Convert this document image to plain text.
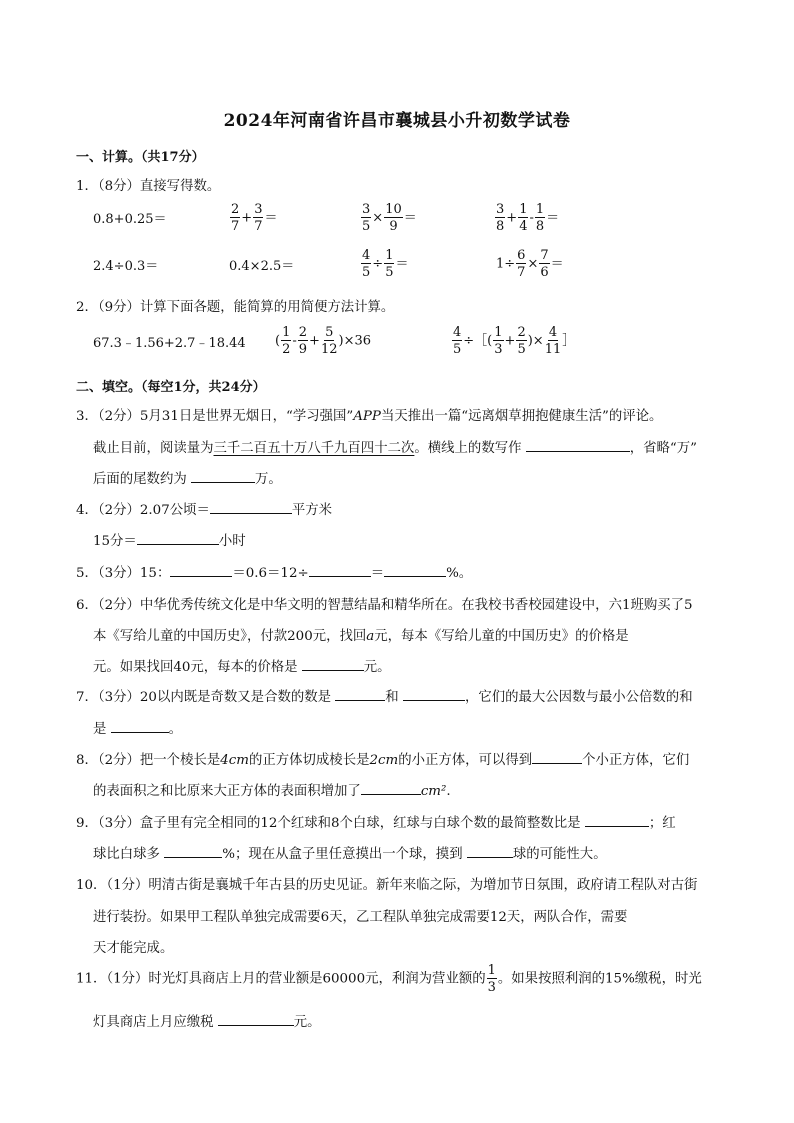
2024年河南省许昌市襄城县小升初数学试卷
一、计算。（共17分）
1．（8分）直接写得数。
0.8+0.25＝	$\frac{2}{7} + \frac{3}{7}$ ＝	$\frac{3}{5} \times \frac{10}{9}$ ＝	$\frac{3}{8} + \frac{1}{4} - \frac{1}{8}$ ＝
2.4÷0.3＝	0.4×2.5＝	$\frac{4}{5} \div \frac{1}{5}$ ＝	$1\div \frac{6}{7} \times \frac{7}{6}$ ＝
2．（9分）计算下面各题，能简算的用简便方法计算。
67.3﹣1.56+2.7﹣18.44 ( $\frac{1}{2} - \frac{2}{9} + \frac{5}{12} )\times 36$	$\frac{4}{5}$ ÷［( $\frac{1}{3} + \frac{2}{5}$ )× $\frac{4}{11}$ ］
二、填空。（每空1分，共24分）
3．（2分）5月31日是世界无烟日，“学习强国”APP当天推出一篇“远离烟草拥抱健康生活”的评论。
截止目前，阅读量为三千二百五十万八千九百四十二次。横线上的数写作	，省略“万”
后面的尾数约为	万。
4．（2分）2.07公顷＝	平方米
15分＝	小时
5．（3分）15：	＝0.6＝12÷	＝	%。
6．（2分）中华优秀传统文化是中华文明的智慧结晶和精华所在。在我校书香校园建设中，六1班购买了5
本《写给儿童的中国历史》，付款200元，找回a元，每本《写给儿童的中国历史》的价格是
元。如果找回40元，每本的价格是	元。
7．（3分）20以内既是奇数又是合数的数是	和	，它们的最大公因数与最小公倍数的和
是	。
8．（2分）把一个棱长是4cm的正方体切成棱长是2cm的小正方体，可以得到	个小正方体，它们
的表面积之和比原来大正方体的表面积增加了	cm².
9．（3分）盒子里有完全相同的12个红球和8个白球，红球与白球个数的最简整数比是	；红
球比白球多	%；现在从盒子里任意摸出一个球，摸到	球的可能性大。
10．（1分）明清古街是襄城千年古县的历史见证。新年来临之际，为增加节日氛围，政府请工程队对古街
进行装扮。如果甲工程队单独完成需要6天，乙工程队单独完成需要12天，两队合作，需要
天才能完成。
11．（1分）时光灯具商店上月的营业额是60000元，利润为营业额的 $\frac{1}{3}$ 。如果按照利润的15%缴税，时光
灯具商店上月应缴税	元。
